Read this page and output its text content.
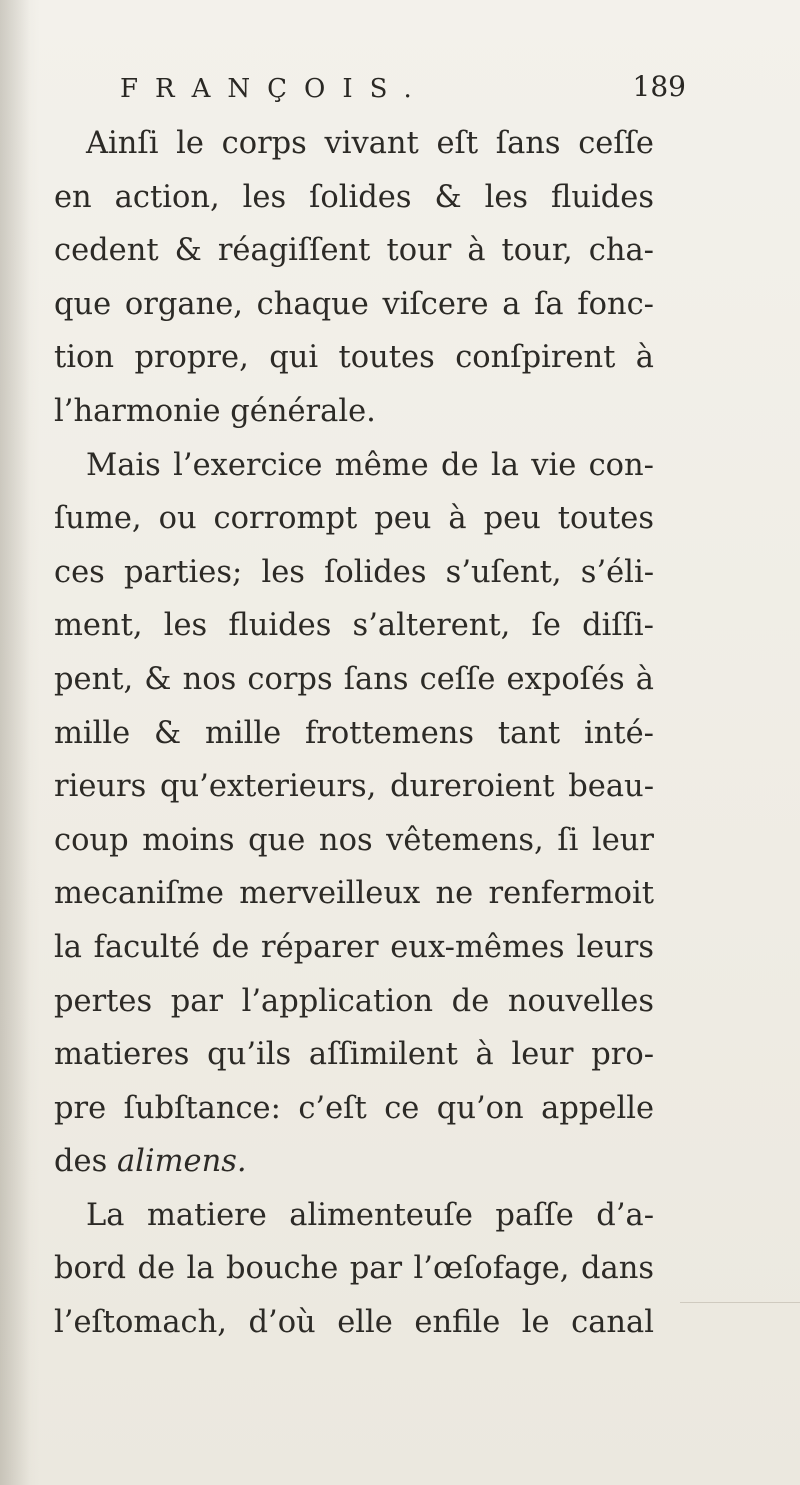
FRANÇOIS.	189
Ainſi le corps vivant eſt ſans ceſſe
en action, les ſolides & les fluides
cedent & réagiſſent tour à tour, cha-
que organe, chaque viſcere a ſa fonc-
tion propre, qui toutes conſpirent à
l’harmonie générale.
Mais l’exercice même de la vie con-
ſume, ou corrompt peu à peu toutes
ces parties; les ſolides s’uſent, s’éli-
ment, les fluides s’alterent, ſe diſſi-
pent, & nos corps ſans ceſſe expoſés à
mille & mille frottemens tant inté-
rieurs qu’exterieurs, dureroient beau-
coup moins que nos vêtemens, ſi leur
mecaniſme merveilleux ne renfermoit
la faculté de réparer eux-mêmes leurs
pertes par l’application de nouvelles
matieres qu’ils aſſimilent à leur pro-
pre ſubſtance: c’eſt ce qu’on appelle
des alimens.
La matiere alimenteuſe paſſe d’a-
bord de la bouche par l’œſofage, dans
l’eſtomach, d’où elle enfile le canal
